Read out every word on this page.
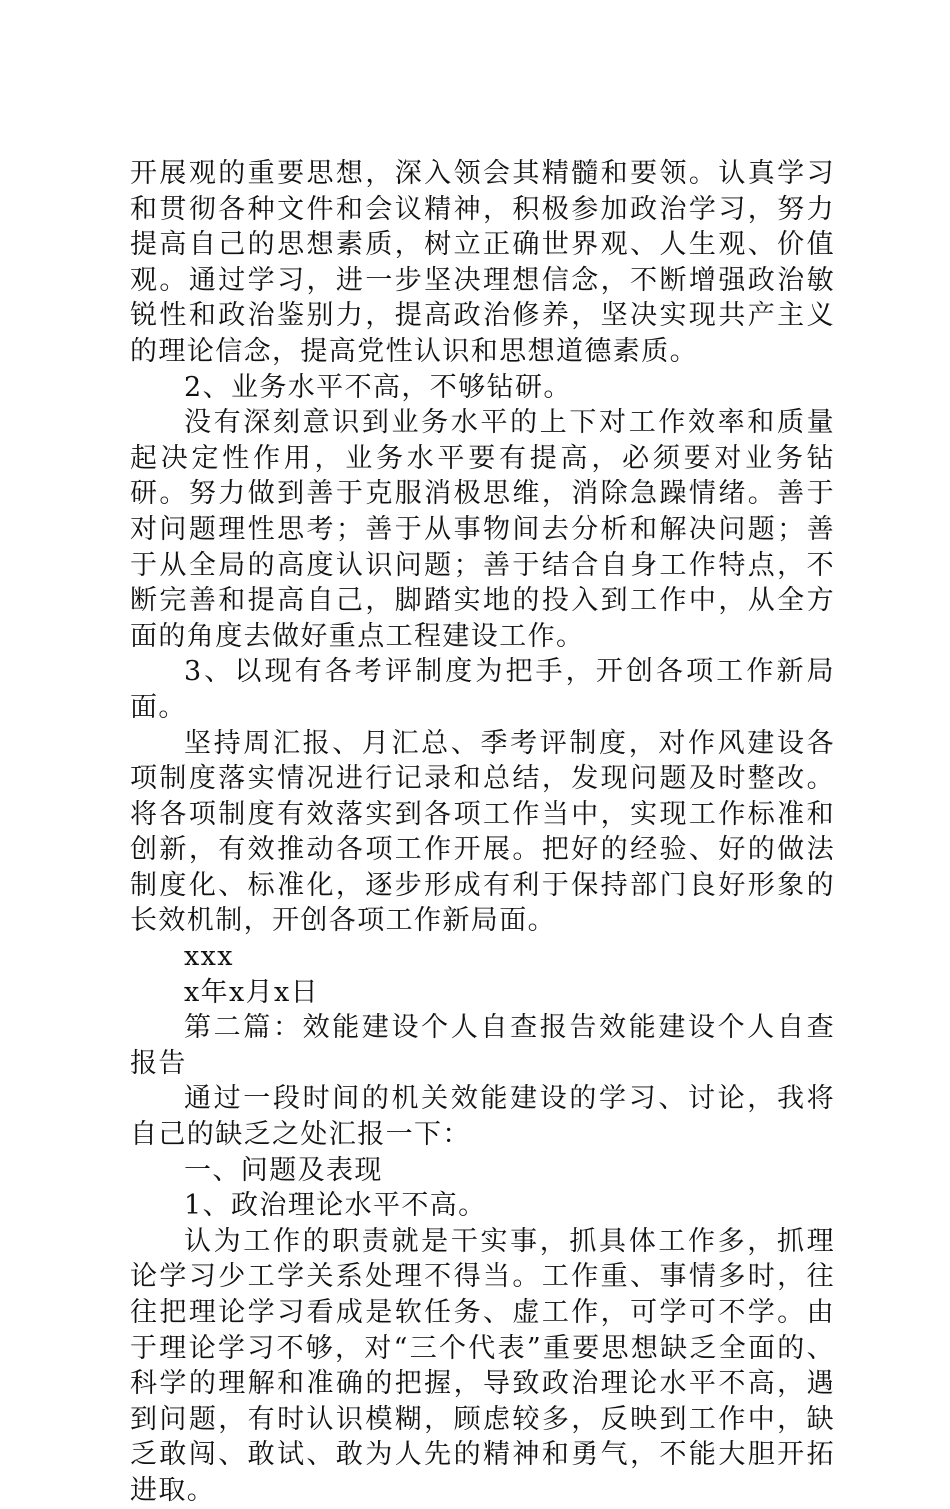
开展观的重要思想，深入领会其精髓和要领。认真学习和贯彻各种文件和会议精神，积极参加政治学习，努力提高自己的思想素质，树立正确世界观、人生观、价值观。通过学习，进一步坚决理想信念，不断增强政治敏锐性和政治鉴别力，提高政治修养，坚决实现共产主义的理论信念，提高党性认识和思想道德素质。

2、业务水平不高，不够钻研。

没有深刻意识到业务水平的上下对工作效率和质量起决定性作用，业务水平要有提高，必须要对业务钻研。努力做到善于克服消极思维，消除急躁情绪。善于对问题理性思考；善于从事物间去分析和解决问题；善于从全局的高度认识问题；善于结合自身工作特点，不断完善和提高自己，脚踏实地的投入到工作中，从全方面的角度去做好重点工程建设工作。

3、以现有各考评制度为把手，开创各项工作新局面。

坚持周汇报、月汇总、季考评制度，对作风建设各项制度落实情况进行记录和总结，发现问题及时整改。将各项制度有效落实到各项工作当中，实现工作标准和创新，有效推动各项工作开展。把好的经验、好的做法制度化、标准化，逐步形成有利于保持部门良好形象的长效机制，开创各项工作新局面。

xxx

x年x月x日

第二篇：效能建设个人自查报告效能建设个人自查报告

通过一段时间的机关效能建设的学习、讨论，我将自己的缺乏之处汇报一下：

一、问题及表现

1、政治理论水平不高。

认为工作的职责就是干实事，抓具体工作多，抓理论学习少工学关系处理不得当。工作重、事情多时，往往把理论学习看成是软任务、虚工作，可学可不学。由于理论学习不够，对“三个代表”重要思想缺乏全面的、科学的理解和准确的把握，导致政治理论水平不高，遇到问题，有时认识模糊，顾虑较多，反映到工作中，缺乏敢闯、敢试、敢为人先的精神和勇气，不能大胆开拓进取。
